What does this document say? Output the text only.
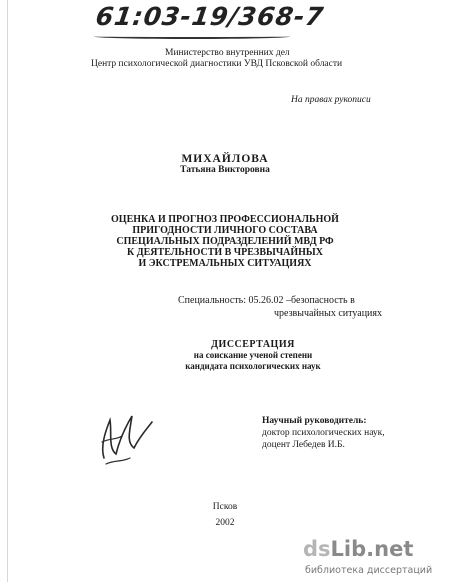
61:03-19/368-7
Министерство внутренних дел
Центр психологической диагностики УВД Псковской области
На правах рукописи
МИХАЙЛОВА
Татьяна Викторовна
ОЦЕНКА И ПРОГНОЗ ПРОФЕССИОНАЛЬНОЙ
ПРИГОДНОСТИ ЛИЧНОГО СОСТАВА
СПЕЦИАЛЬНЫХ ПОДРАЗДЕЛЕНИЙ МВД РФ
К ДЕЯТЕЛЬНОСТИ В ЧРЕЗВЫЧАЙНЫХ
И ЭКСТРЕМАЛЬНЫХ СИТУАЦИЯХ
Специальность: 05.26.02 –безопасность в
чрезвычайных ситуациях
ДИССЕРТАЦИЯ
на соискание ученой степени
кандидата психологических наук
Научный руководитель:
доктор психологических наук,
доцент Лебедев И.Б.
Псков
2002
dsLib.net
библиотека диссертаций
